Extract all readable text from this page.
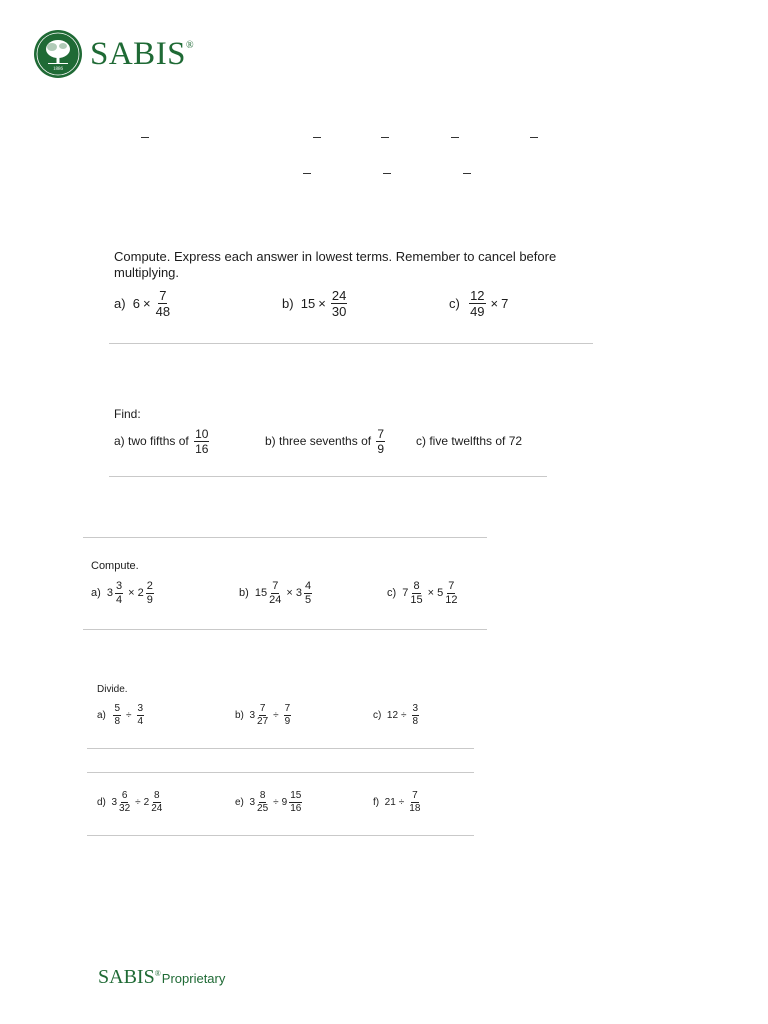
1886 SABIS®
Compute. Express each answer in lowest terms. Remember to cancel before
multiplying.
a)
$6 \times \frac{7}{48}$	b)
$15 \times \frac{24}{30}$	c)
$\frac{12}{49} \times 7$
Find:
a)
two fifths of
$\frac{10}{16}$	b)
three sevenths of
$\frac{7}{9}$	c)
five twelfths of 72
Compute.
a)
$3 \frac{3}{4} \times 2 \frac{2}{9}$	b)
$15 \frac{7}{24} \times 3 \frac{4}{5}$	c)
$7 \frac{8}{15} \times 5 \frac{7}{12}$
Divide.
a)
$\frac{5}{8} \div \frac{3}{4}$	b)
$3 \frac{7}{27} \div \frac{7}{9}$	c)
$12 \div \frac{3}{8}$
d)
$3 \frac{6}{32} \div 2 \frac{8}{24}$	e)
$3 \frac{8}{25} \div 9 \frac{15}{16}$	f)
$21 \div \frac{7}{18}$
SABIS®Proprietary
